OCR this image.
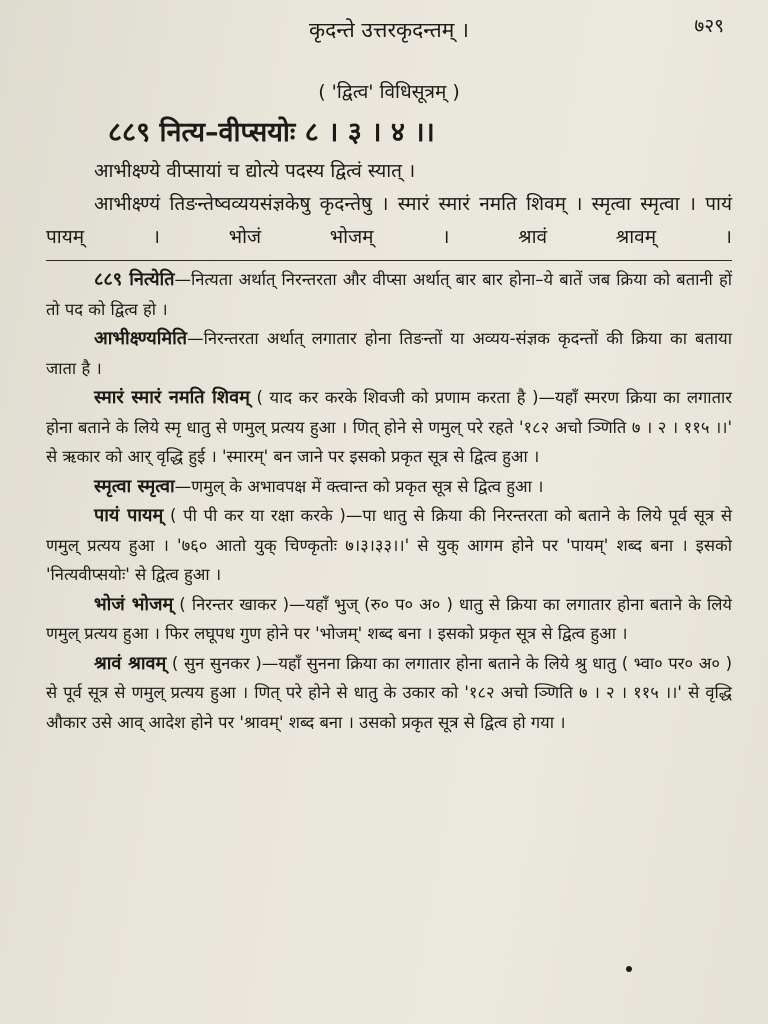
कृदन्ते उत्तरकृदन्तम् ।	७२९
( 'द्वित्व' विधिसूत्रम् )
८८९ नित्य–वीप्सयोः ८ । ३ । ४ ।।

आभीक्ष्ण्ये वीप्सायां च द्योत्ये पदस्य द्वित्वं स्यात् ।

आभीक्ष्ण्यं तिङन्तेष्वव्ययसंज्ञकेषु कृदन्तेषु । स्मारं स्मारं नमति शिवम् । स्मृत्वा स्मृत्वा । पायं पायम् । भोजं भोजम् । श्रावं श्रावम् ।

८८९ नित्येति—नित्यता अर्थात् निरन्तरता और वीप्सा अर्थात् बार बार होना–ये बातें जब क्रिया को बतानी हों तो पद को द्वित्व हो ।

आभीक्ष्ण्यमिति—निरन्तरता अर्थात् लगातार होना तिङन्तों या अव्यय-संज्ञक कृदन्तों की क्रिया का बताया जाता है ।

स्मारं स्मारं नमति शिवम् ( याद कर करके शिवजी को प्रणाम करता है )—यहाँ स्मरण क्रिया का लगातार होना बताने के लिये स्मृ धातु से णमुल् प्रत्यय हुआ । णित् होने से णमुल् परे रहते '१८२ अचो ञ्णिति ७ । २ । ११५ ।।' से ऋकार को आर् वृद्धि हुई । 'स्मारम्' बन जाने पर इसको प्रकृत सूत्र से द्वित्व हुआ ।

स्मृत्वा स्मृत्वा—णमुल् के अभावपक्ष में क्त्वान्त को प्रकृत सूत्र से द्वित्व हुआ ।

पायं पायम् ( पी पी कर या रक्षा करके )—पा धातु से क्रिया की निरन्तरता को बताने के लिये पूर्व सूत्र से णमुल् प्रत्यय हुआ । '७६० आतो युक् चिण्कृतोः ७।३।३३।।' से युक् आगम होने पर 'पायम्' शब्द बना । इसको 'नित्यवीप्सयोः' से द्वित्व हुआ ।

भोजं भोजम् ( निरन्तर खाकर )—यहाँ भुज् (रु० प० अ० ) धातु से क्रिया का लगातार होना बताने के लिये णमुल् प्रत्यय हुआ । फिर लघूपध गुण होने पर 'भोजम्' शब्द बना । इसको प्रकृत सूत्र से द्वित्व हुआ ।

श्रावं श्रावम् ( सुन सुनकर )—यहाँ सुनना क्रिया का लगातार होना बताने के लिये श्रु धातु ( भ्वा० पर० अ० ) से पूर्व सूत्र से णमुल् प्रत्यय हुआ । णित् परे होने से धातु के उकार को '१८२ अचो ञ्णिति ७ । २ । ११५ ।।' से वृद्धि औकार उसे आव् आदेश होने पर 'श्रावम्' शब्द बना । उसको प्रकृत सूत्र से द्वित्व हो गया ।
